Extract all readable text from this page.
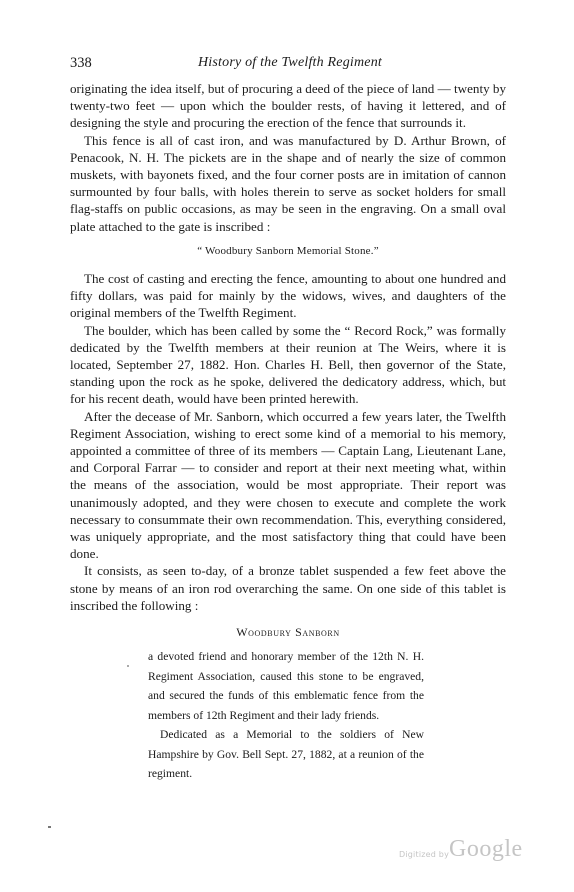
338	History of the Twelfth Regiment

originating the idea itself, but of procuring a deed of the piece of land — twenty by twenty-two feet — upon which the boulder rests, of having it lettered, and of designing the style and procuring the erection of the fence that surrounds it.

This fence is all of cast iron, and was manufactured by D. Arthur Brown, of Penacook, N. H. The pickets are in the shape and of nearly the size of common muskets, with bayonets fixed, and the four corner posts are in imitation of cannon surmounted by four balls, with holes therein to serve as socket holders for small flag-staffs on public occasions, as may be seen in the engraving. On a small oval plate attached to the gate is inscribed :

“ Woodbury Sanborn Memorial Stone.”

The cost of casting and erecting the fence, amounting to about one hundred and fifty dollars, was paid for mainly by the widows, wives, and daughters of the original members of the Twelfth Regiment.

The boulder, which has been called by some the “ Record Rock,” was formally dedicated by the Twelfth members at their reunion at The Weirs, where it is located, September 27, 1882. Hon. Charles H. Bell, then governor of the State, standing upon the rock as he spoke, delivered the dedicatory address, which, but for his recent death, would have been printed herewith.

After the decease of Mr. Sanborn, which occurred a few years later, the Twelfth Regiment Association, wishing to erect some kind of a memorial to his memory, appointed a committee of three of its members — Captain Lang, Lieutenant Lane, and Corporal Farrar — to consider and report at their next meeting what, within the means of the association, would be most appropriate. Their report was unanimously adopted, and they were chosen to execute and complete the work necessary to consummate their own recommendation. This, everything considered, was uniquely appropriate, and the most satisfactory thing that could have been done.

It consists, as seen to-day, of a bronze tablet suspended a few feet above the stone by means of an iron rod overarching the same. On one side of this tablet is inscribed the following :

Woodbury Sanborn

a devoted friend and honorary member of the 12th N. H. Regiment Association, caused this stone to be engraved, and secured the funds of this emblematic fence from the members of 12th Regiment and their lady friends.

Dedicated as a Memorial to the soldiers of New Hampshire by Gov. Bell Sept. 27, 1882, at a reunion of the regiment.

Digitized by Google
